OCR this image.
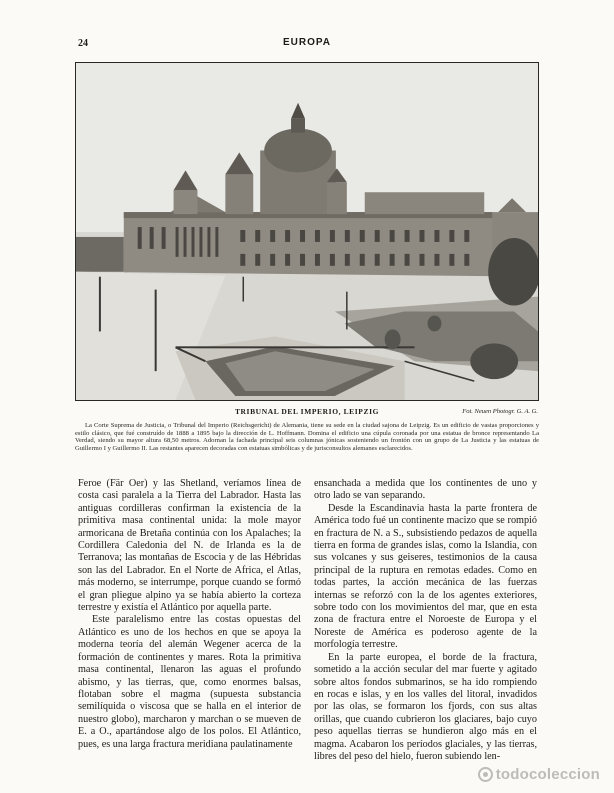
24	EUROPA
TRIBUNAL DEL IMPERIO, LEIPZIG	Fot. Neuen Photogr. G. A. G.
La Corte Suprema de Justicia, o Tribunal del Imperio (Reichsgericht) de Alemania, tiene su sede en la ciudad sajona de Leipzig. Es un edificio de vastas proporciones y estilo clásico, que fué construído de 1888 a 1895 bajo la dirección de L. Hoffmann. Domina el edificio una cúpula coronada por una estatua de bronce representando La Verdad, siendo su mayor altura 68,50 metros. Adornan la fachada principal seis columnas jónicas sosteniendo un frontón con un grupo de La Justicia y las estatuas de Guillermo I y Guillermo II. Las restantes aparecen decoradas con estatuas simbólicas y de jurisconsultos alemanes esclarecidos.

Feroe (Fär Oer) y las Shetland, veríamos línea de costa casi paralela a la Tierra del Labrador. Hasta las antiguas cordilleras confirman la existencia de la primitiva masa continental unida: la mole mayor armoricana de Bretaña continúa con los Apalaches; la Cordillera Caledonia del N. de Irlanda es la de Terranova; las montañas de Escocia y de las Hébridas son las del Labrador. En el Norte de Africa, el Atlas, más moderno, se interrumpe, porque cuando se formó el gran pliegue alpino ya se había abierto la corteza terrestre y existía el Atlántico por aquella parte.

Este paralelismo entre las costas opuestas del Atlántico es uno de los hechos en que se apoya la moderna teoría del alemán Wegener acerca de la formación de continentes y mares. Rota la primitiva masa continental, llenaron las aguas el profundo abismo, y las tierras, que, como enormes balsas, flotaban sobre el magma (supuesta substancia semilíquida o viscosa que se halla en el interior de nuestro globo), marcharon y marchan o se mueven de E. a O., apartándose algo de los polos. El Atlántico, pues, es una larga fractura meridiana paulatinamente

ensanchada a medida que los continentes de uno y otro lado se van separando.

Desde la Escandinavia hasta la parte frontera de América todo fué un continente macizo que se rompió en fractura de N. a S., subsistiendo pedazos de aquella tierra en forma de grandes islas, como la Islandia, con sus volcanes y sus geiseres, testimonios de la causa principal de la ruptura en remotas edades. Como en todas partes, la acción mecánica de las fuerzas internas se reforzó con la de los agentes exteriores, sobre todo con los movimientos del mar, que en esta zona de fractura entre el Noroeste de Europa y el Noreste de América es poderoso agente de la morfología terrestre.

En la parte europea, el borde de la fractura, sometido a la acción secular del mar fuerte y agitado sobre altos fondos submarinos, se ha ido rompiendo en rocas e islas, y en los valles del litoral, invadidos por las olas, se formaron los fjords, con sus altas orillas, que cuando cubrieron los glaciares, bajo cuyo peso aquellas tierras se hundieron algo más en el magma. Acabaron los períodos glaciales, y las tierras, libres del peso del hielo, fueron subiendo len-

todocoleccion
